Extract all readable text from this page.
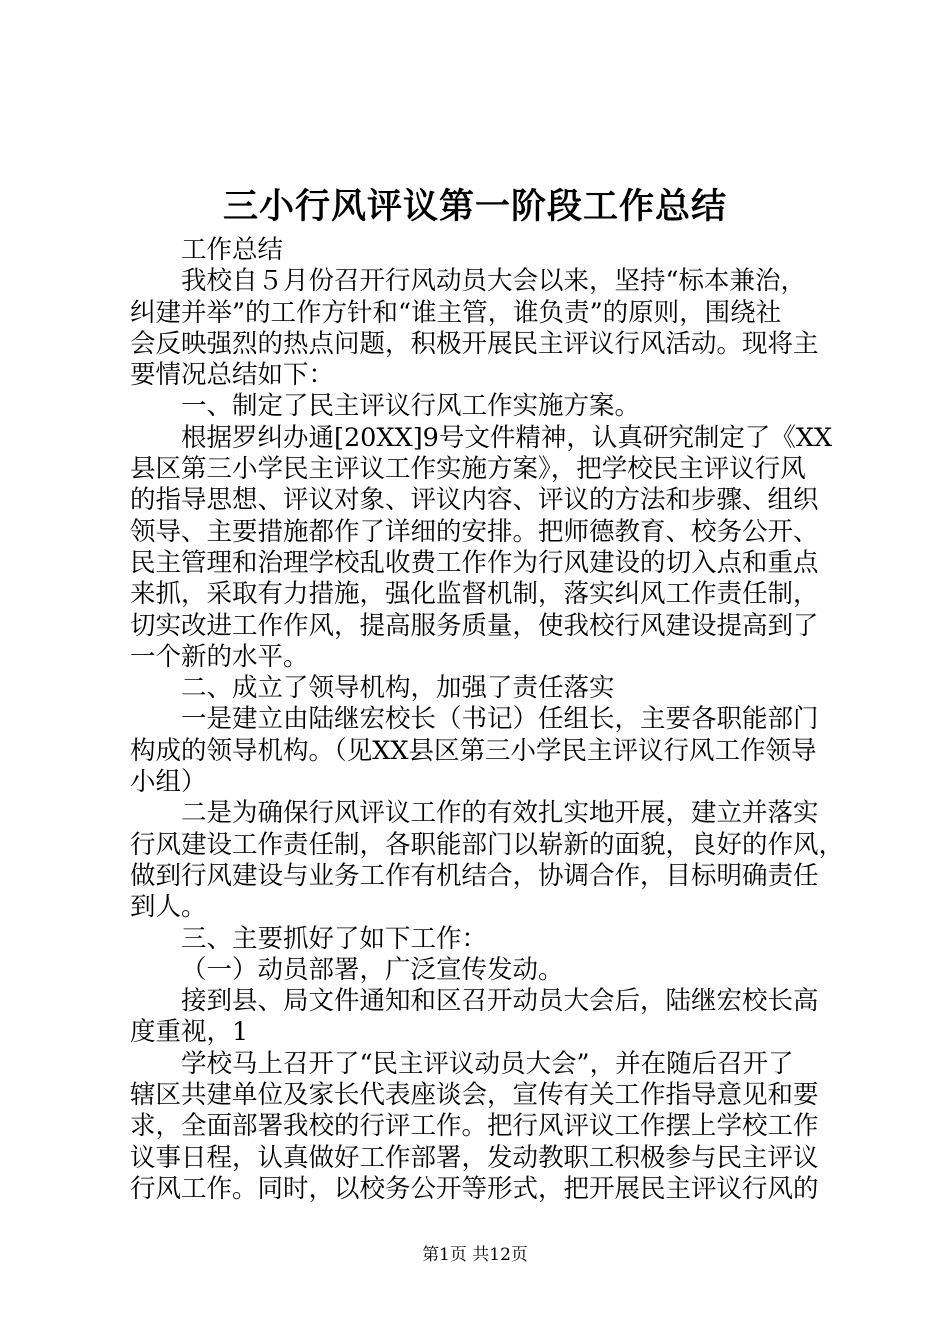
三小行风评议第一阶段工作总结
工作总结
我校自５月份召开行风动员大会以来，坚持“标本兼治，
纠建并举”的工作方针和“谁主管，谁负责”的原则，围绕社
会反映强烈的热点问题，积极开展民主评议行风活动。现将主
要情况总结如下：
一、制定了民主评议行风工作实施方案。
根据罗纠办通[20XX]9号文件精神，认真研究制定了《XX
县区第三小学民主评议工作实施方案》，把学校民主评议行风
的指导思想、评议对象、评议内容、评议的方法和步骤、组织
领导、主要措施都作了详细的安排。把师德教育、校务公开、
民主管理和治理学校乱收费工作作为行风建设的切入点和重点
来抓，采取有力措施，强化监督机制，落实纠风工作责任制，
切实改进工作作风，提高服务质量，使我校行风建设提高到了
一个新的水平。
二、成立了领导机构，加强了责任落实
一是建立由陆继宏校长（书记）任组长，主要各职能部门
构成的领导机构。（见XX县区第三小学民主评议行风工作领导
小组）
二是为确保行风评议工作的有效扎实地开展，建立并落实
行风建设工作责任制，各职能部门以崭新的面貌，良好的作风，
做到行风建设与业务工作有机结合，协调合作，目标明确责任
到人。
三、主要抓好了如下工作：
（一）动员部署，广泛宣传发动。
接到县、局文件通知和区召开动员大会后，陆继宏校长高
度重视，1
学校马上召开了“民主评议动员大会”，并在随后召开了
辖区共建单位及家长代表座谈会，宣传有关工作指导意见和要
求，全面部署我校的行评工作。把行风评议工作摆上学校工作
议事日程，认真做好工作部署，发动教职工积极参与民主评议
行风工作。同时，以校务公开等形式，把开展民主评议行风的
第1页 共12页
